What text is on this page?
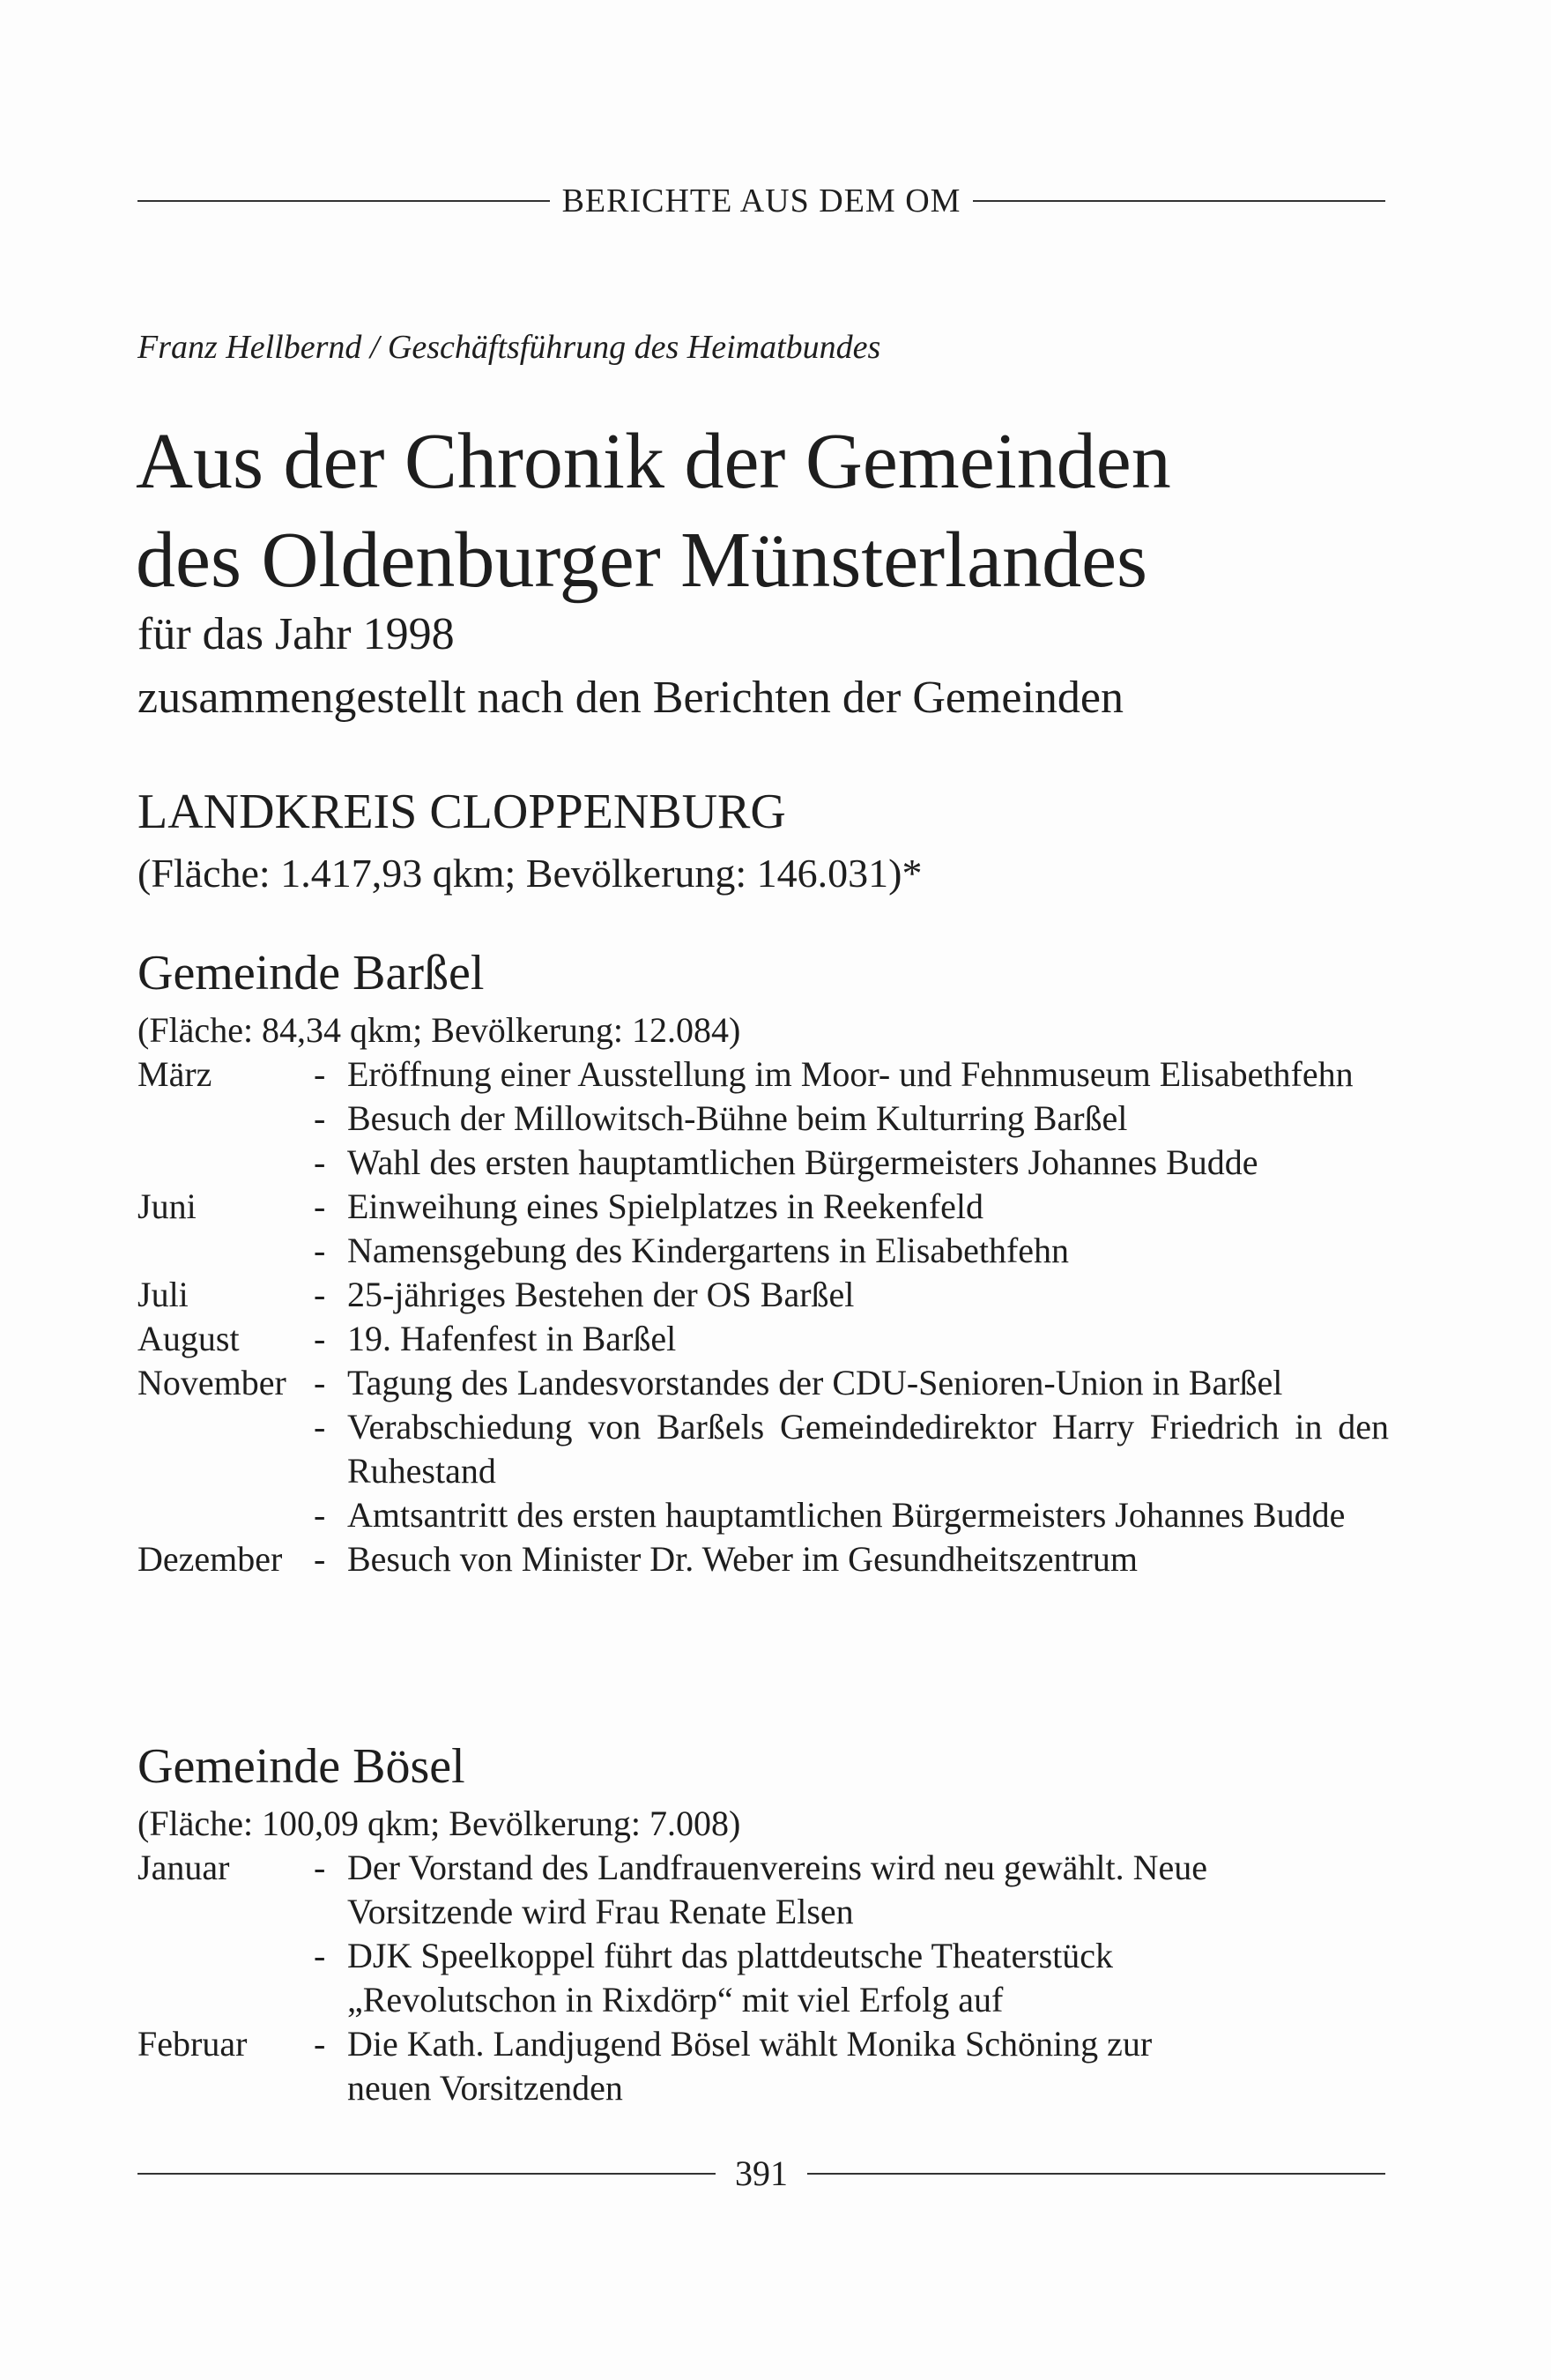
BERICHTE AUS DEM OM
Franz Hellbernd / Geschäftsführung des Heimatbundes
Aus der Chronik der Gemeinden
des Oldenburger Münsterlandes
für das Jahr 1998
zusammengestellt nach den Berichten der Gemeinden
LANDKREIS CLOPPENBURG
(Fläche: 1.417,93 qkm; Bevölkerung: 146.031)*
Gemeinde Barßel
(Fläche: 84,34 qkm; Bevölkerung: 12.084)
März	- Eröffnung einer Ausstellung im Moor- und Fehnmuseum Elisabethfehn
- Besuch der Millowitsch-Bühne beim Kulturring Barßel
- Wahl des ersten hauptamtlichen Bürgermeisters Johannes Budde
Juni	- Einweihung eines Spielplatzes in Reekenfeld
- Namensgebung des Kindergartens in Elisabethfehn
Juli	- 25-jähriges Bestehen der OS Barßel
August	- 19. Hafenfest in Barßel
November - Tagung des Landesvorstandes der CDU-Senioren-Union in Barßel
- Verabschiedung von Barßels Gemeindedirektor Harry Friedrich in den Ruhestand
- Amtsantritt des ersten hauptamtlichen Bürgermeisters Johannes Budde
Dezember - Besuch von Minister Dr. Weber im Gesundheitszentrum
Gemeinde Bösel
(Fläche: 100,09 qkm; Bevölkerung: 7.008)
Januar	- Der Vorstand des Landfrauenvereins wird neu gewählt. Neue Vorsitzende wird Frau Renate Elsen
- DJK Speelkoppel führt das plattdeutsche Theaterstück „Revolutschon in Rixdörp“ mit viel Erfolg auf
Februar	- Die Kath. Landjugend Bösel wählt Monika Schöning zur neuen Vorsitzenden
391
